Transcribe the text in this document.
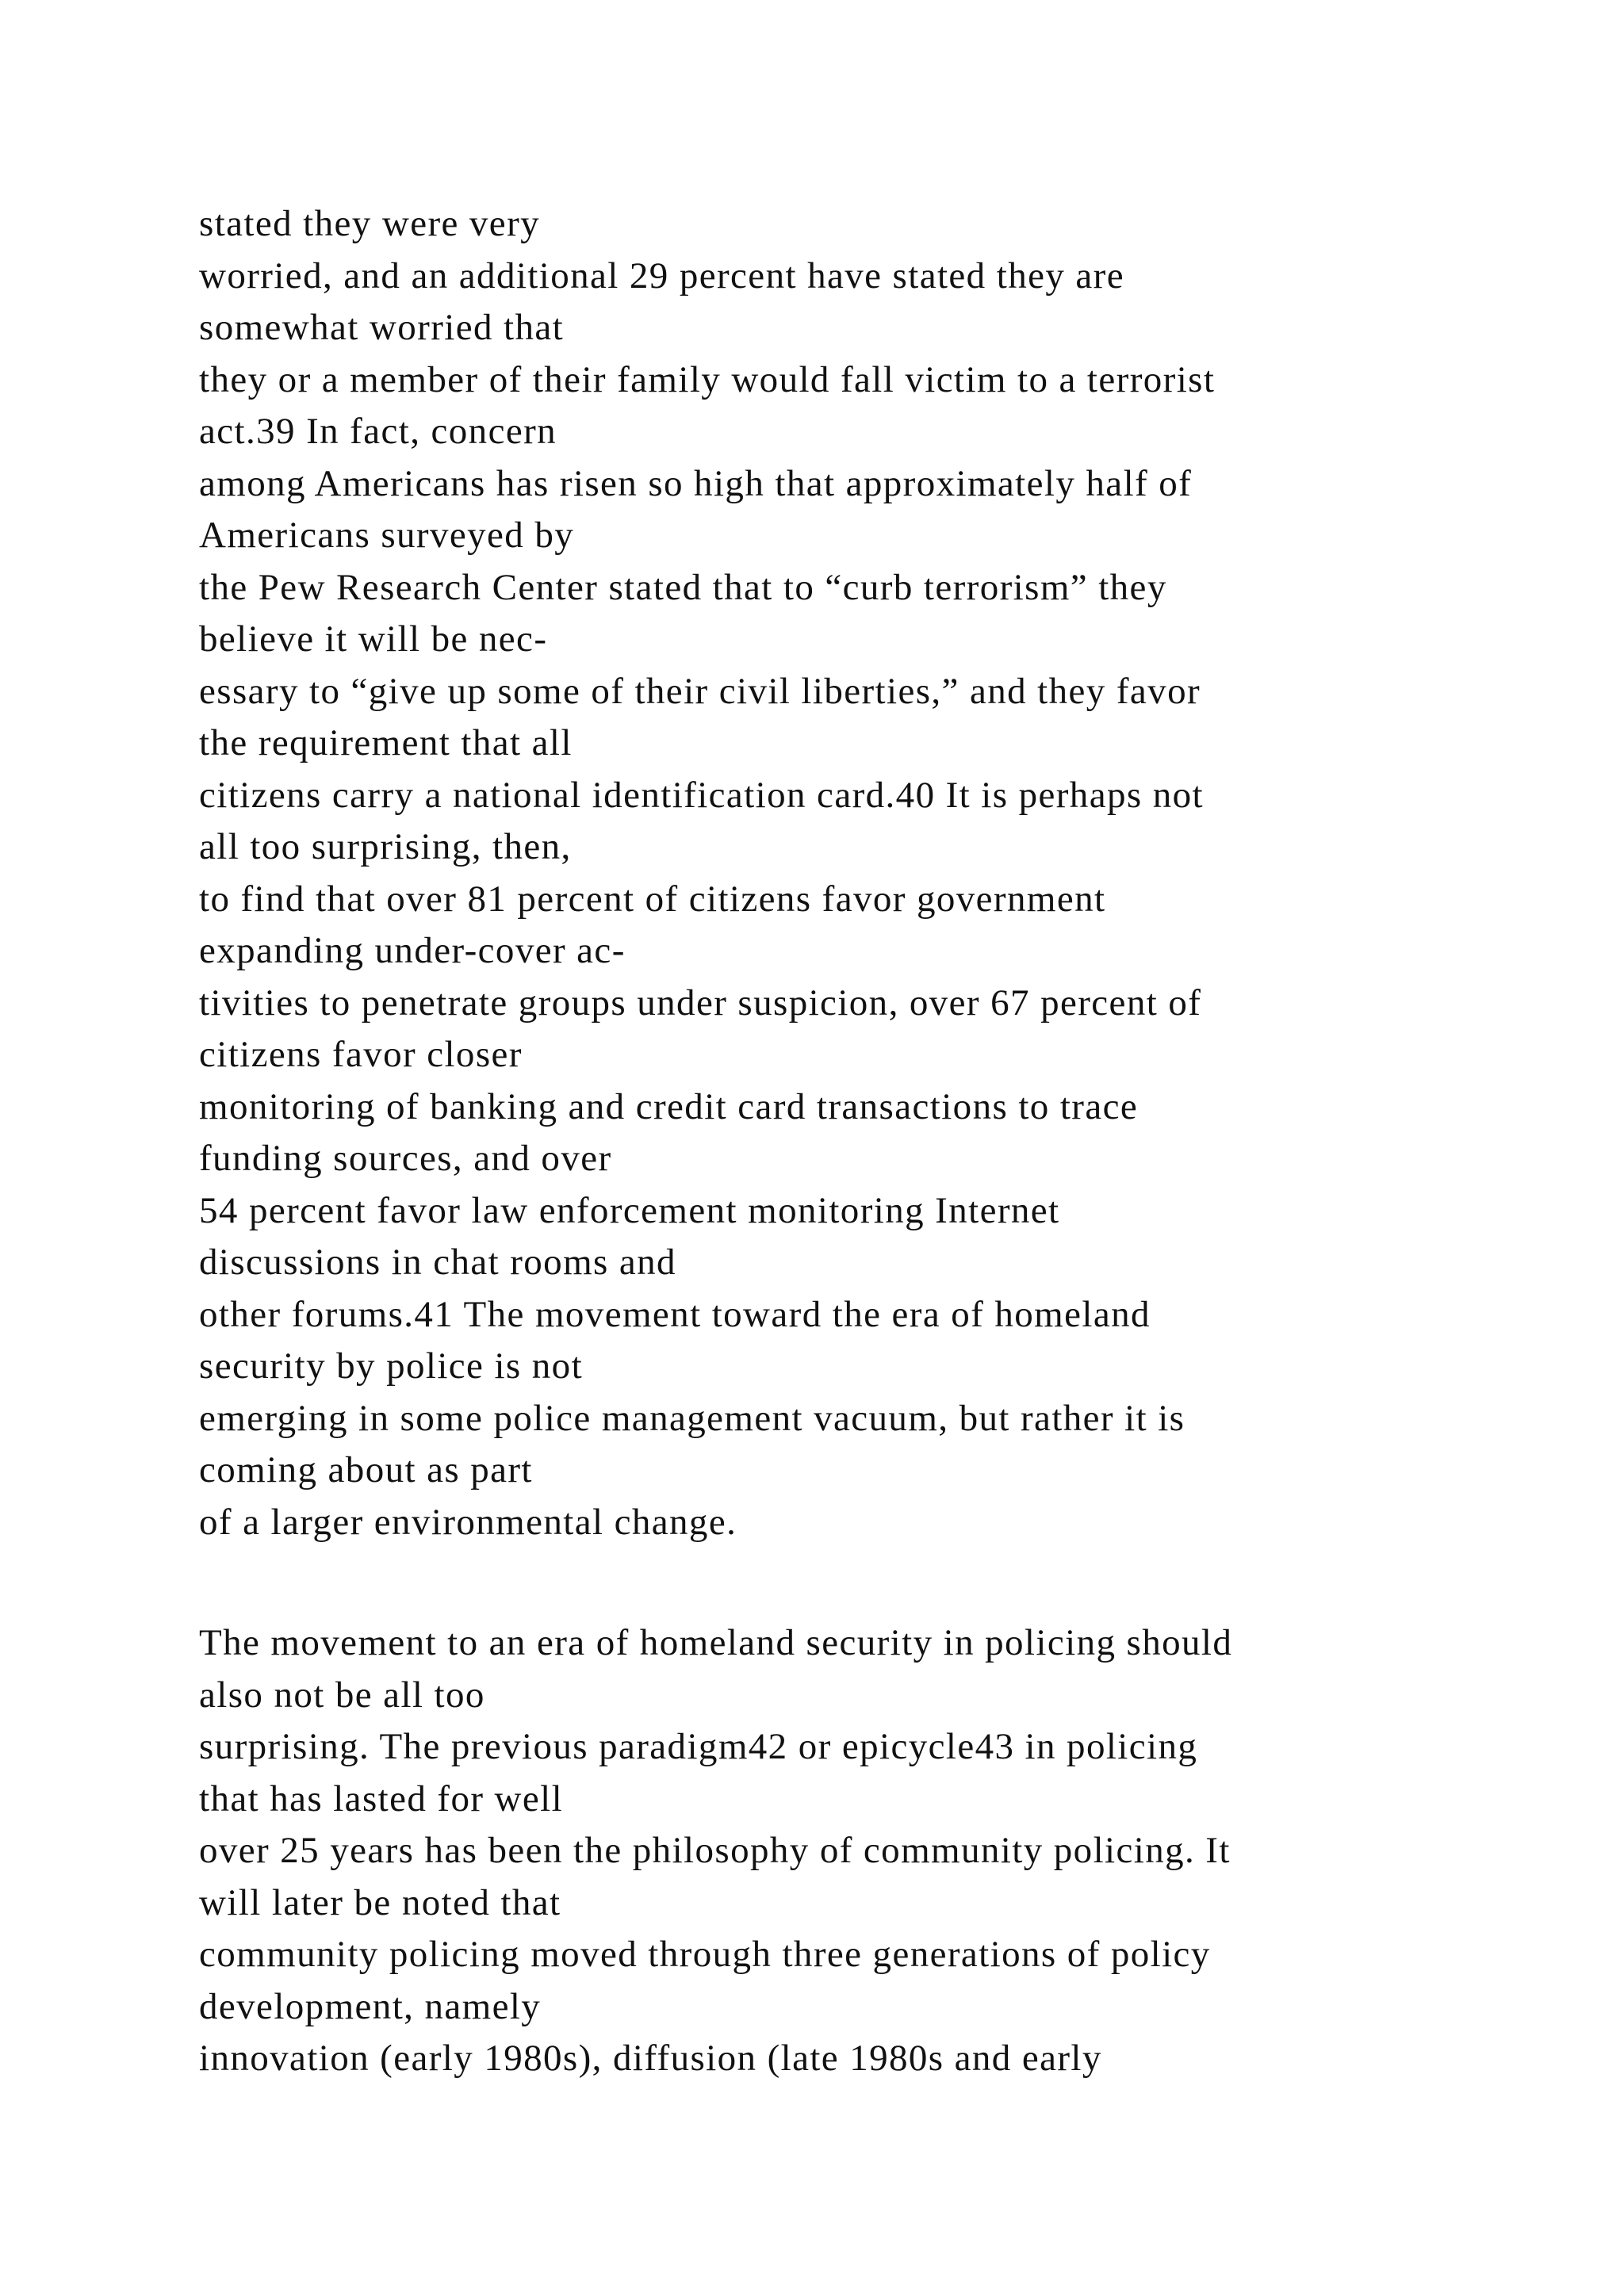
stated they were very
worried, and an additional 29 percent have stated they are
somewhat worried that
they or a member of their family would fall victim to a terrorist
act.39 In fact, concern
among Americans has risen so high that approximately half of
Americans surveyed by
the Pew Research Center stated that to “curb terrorism” they
believe it will be nec-
essary to “give up some of their civil liberties,” and they favor
the requirement that all
citizens carry a national identification card.40 It is perhaps not
all too surprising, then,
to find that over 81 percent of citizens favor government
expanding under-cover ac-
tivities to penetrate groups under suspicion, over 67 percent of
citizens favor closer
monitoring of banking and credit card transactions to trace
funding sources, and over
54 percent favor law enforcement monitoring Internet
discussions in chat rooms and
other forums.41 The movement toward the era of homeland
security by police is not
emerging in some police management vacuum, but rather it is
coming about as part
of a larger environmental change.
The movement to an era of homeland security in policing should
also not be all too
surprising. The previous paradigm42 or epicycle43 in policing
that has lasted for well
over 25 years has been the philosophy of community policing. It
will later be noted that
community policing moved through three generations of policy
development, namely
innovation (early 1980s), diffusion (late 1980s and early
